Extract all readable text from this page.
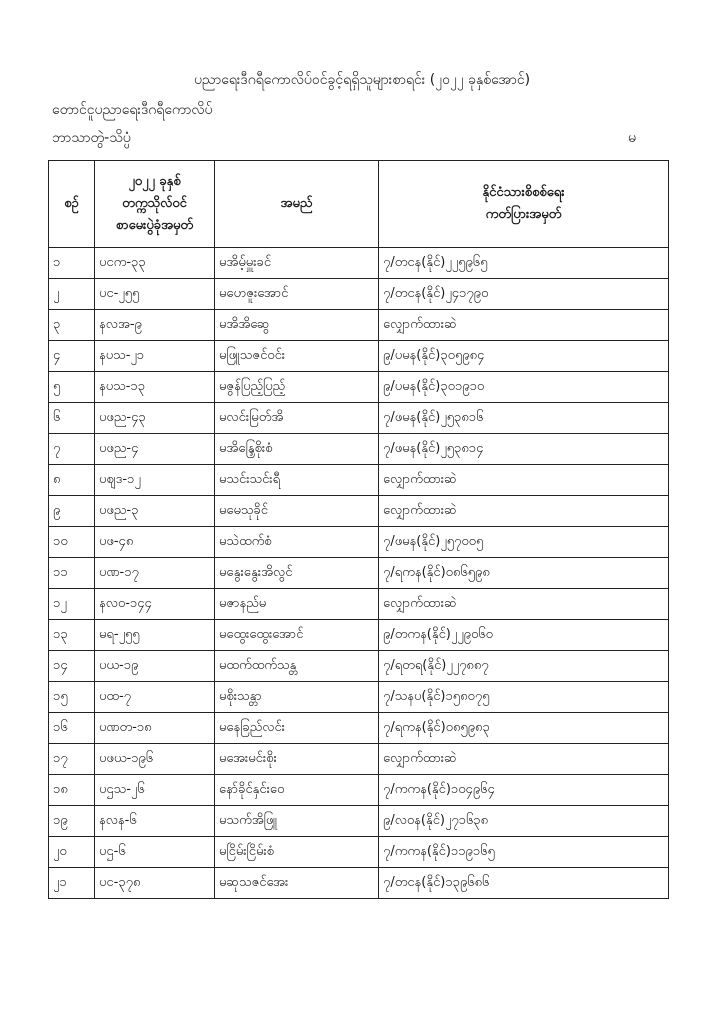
ပညာရေးဒီဂရီကောလိပ်ဝင်ခွင့်ရရှိသူများစာရင်း (၂၀၂၂ ခုနှစ်အောင်)
တောင်ငူပညာရေးဒီဂရီကောလိပ်
ဘာသာတွဲ-သိပ္ပံ	မ
စဉ်	၂၀၂၂ ခုနှစ်
တက္ကသိုလ်ဝင်
စာမေးပွဲခုံအမှတ်	အမည်	နိုင်ငံသားစိစစ်ရေး
ကတ်ပြားအမှတ်

၁	ပငက-၃၃	မအိမ့်မှူးခင်	၇/တငန(နိုင်)၂၂၅၉၆၅
၂	ပင-၂၅၅	မဟေဇူးအောင်	၇/တငန(နိုင်)၂၄၁၇၉၀
၃	နလအ-၉	မအိအိဆွေ	လျှောက်ထားဆဲ
၄	နပသ-၂၁	မဖြူသဇင်ဝင်း	၉/ပမန(နိုင်)၃၀၅၉၈၄
၅	နပသ-၁၃	မဇွန်ပြည့်ပြည့်	၉/ပမန(နိုင်)၃၀၁၉၁၀
၆	ပဖည-၄၃	မလင်းမြတ်အိ	၇/ဖမန(နိုင်)၂၅၃၈၁၆
၇	ပဖည-၄	မအိန္ဒြေစိုးစံ	၇/ဖမန(နိုင်)၂၅၃၈၁၄
၈	ပဈဒ-၁၂	မသင်းသင်းရီ	လျှောက်ထားဆဲ
၉	ပဖည-၃	မမေသုခိုင်	လျှောက်ထားဆဲ
၁၀	ပဖ-၄၈	မသဲထက်စံ	၇/ဖမန(နိုင်)၂၅၇၀၀၅
၁၁	ပဏ-၁၇	မနွေးနွေးအိလွင်	၇/ရကန(နိုင်)၀၈၆၅၉၈
၁၂	နလ၀-၁၄၄	မဇာနည်မ	လျှောက်ထားဆဲ
၁၃	မရ-၂၅၅	မထွေးထွေးအောင်	၉/တကန(နိုင်)၂၂၉၀၆၀
၁၄	ပယ-၁၉	မထက်ထက်သန္တ	၇/ရတရ(နိုင်)၂၂၇၈၈၇
၁၅	ပထ-၇	မစိုးသန္တာ	၇/သနပ(နိုင်)၁၅၈၀၇၅
၁၆	ပဏတ-၁၈	မနေခြည်လင်း	၇/ရကန(နိုင်)၀၈၅၉၈၃
၁၇	ပဖယ-၁၉၆	မအေးမင်းစိုး	လျှောက်ထားဆဲ
၁၈	ပဌသ-၂၆	နော်ခိုင်နှင်းဝေ	၇/ကကန(နိုင်)၁၀၄၉၆၄
၁၉	နလန-၆	မသက်အိဖြူ	၉/လဝန(နိုင်)၂၇၁၆၃၈
၂၀	ပဌ-၆	မငြိမ်းငြိမ်းစံ	၇/ကကန(နိုင်)၁၁၉၁၆၅
၂၁	ပင-၃၇၈	မဆုသဇင်အေး	၇/တငန(နိုင်)၁၃၉၆၈၆
